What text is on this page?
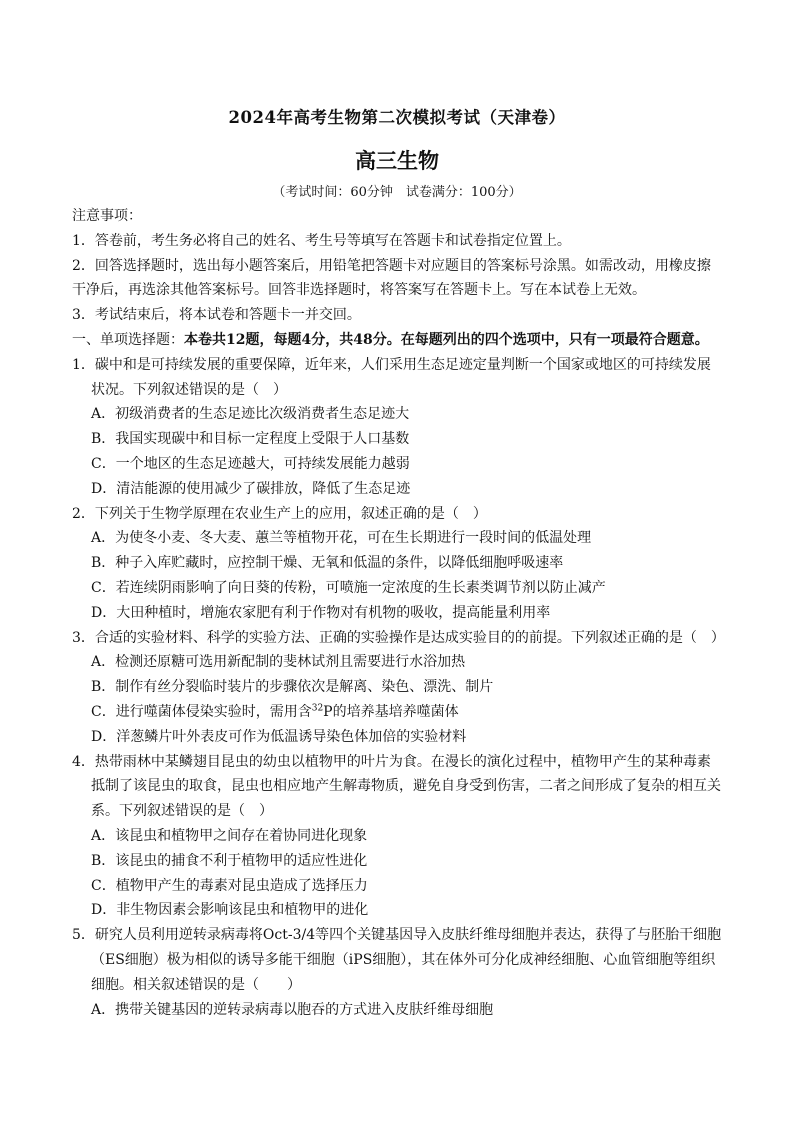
2024年高考生物第二次模拟考试（天津卷）
高三生物
（考试时间：60分钟　试卷满分：100分）
注意事项：
1．答卷前，考生务必将自己的姓名、考生号等填写在答题卡和试卷指定位置上。
2．回答选择题时，选出每小题答案后，用铅笔把答题卡对应题目的答案标号涂黑。如需改动，用橡皮擦干净后，再选涂其他答案标号。回答非选择题时，将答案写在答题卡上。写在本试卷上无效。
3．考试结束后，将本试卷和答题卡一并交回。
一、单项选择题：本卷共12题，每题4分，共48分。在每题列出的四个选项中，只有一项最符合题意。
1．碳中和是可持续发展的重要保障，近年来，人们采用生态足迹定量判断一个国家或地区的可持续发展状况。下列叙述错误的是（　）
A．初级消费者的生态足迹比次级消费者生态足迹大
B．我国实现碳中和目标一定程度上受限于人口基数
C．一个地区的生态足迹越大，可持续发展能力越弱
D．清洁能源的使用减少了碳排放，降低了生态足迹
2．下列关于生物学原理在农业生产上的应用，叙述正确的是（　）
A．为使冬小麦、冬大麦、蕙兰等植物开花，可在生长期进行一段时间的低温处理
B．种子入库贮藏时，应控制干燥、无氧和低温的条件，以降低细胞呼吸速率
C．若连续阴雨影响了向日葵的传粉，可喷施一定浓度的生长素类调节剂以防止减产
D．大田种植时，增施农家肥有利于作物对有机物的吸收，提高能量利用率
3．合适的实验材料、科学的实验方法、正确的实验操作是达成实验目的的前提。下列叙述正确的是（　）
A．检测还原糖可选用新配制的斐林试剂且需要进行水浴加热
B．制作有丝分裂临时装片的步骤依次是解离、染色、漂洗、制片
C．进行噬菌体侵染实验时，需用含$^{32}$P的培养基培养噬菌体
D．洋葱鳞片叶外表皮可作为低温诱导染色体加倍的实验材料
4．热带雨林中某鳞翅目昆虫的幼虫以植物甲的叶片为食。在漫长的演化过程中，植物甲产生的某种毒素抵制了该昆虫的取食，昆虫也相应地产生解毒物质，避免自身受到伤害，二者之间形成了复杂的相互关系。下列叙述错误的是（　）
A．该昆虫和植物甲之间存在着协同进化现象
B．该昆虫的捕食不利于植物甲的适应性进化
C．植物甲产生的毒素对昆虫造成了选择压力
D．非生物因素会影响该昆虫和植物甲的进化
5．研究人员利用逆转录病毒将Oct-3/4等四个关键基因导入皮肤纤维母细胞并表达，获得了与胚胎干细胞（ES细胞）极为相似的诱导多能干细胞（iPS细胞），其在体外可分化成神经细胞、心血管细胞等组织细胞。相关叙述错误的是（　　）
A．携带关键基因的逆转录病毒以胞吞的方式进入皮肤纤维母细胞
